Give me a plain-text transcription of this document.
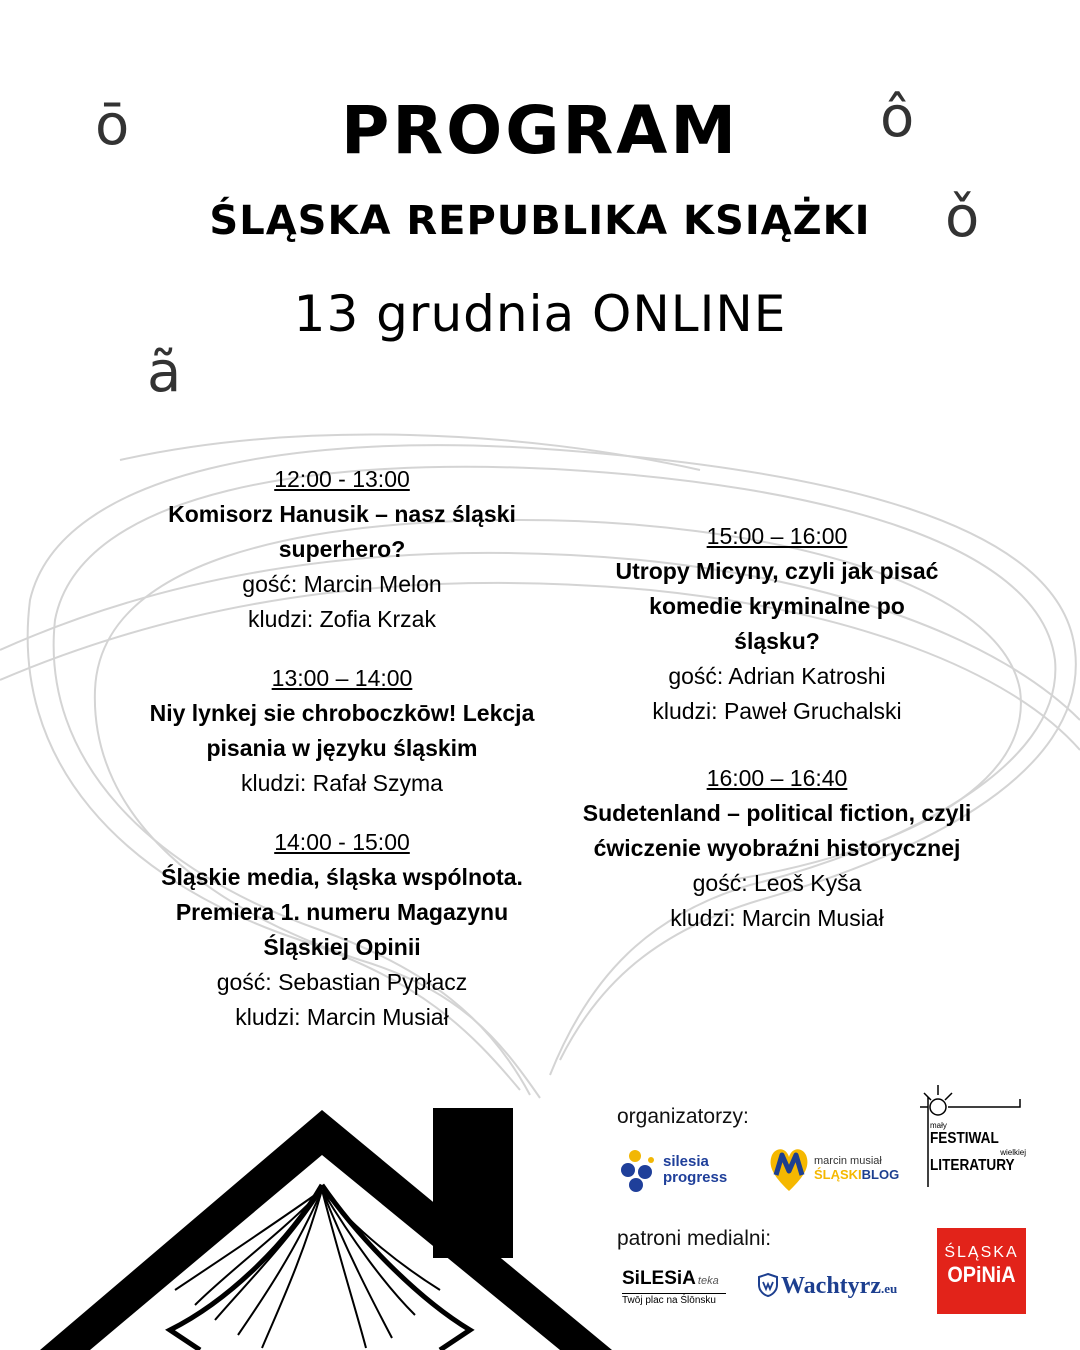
ō	ô
ǒ
ã
PROGRAM
ŚLĄSKA REPUBLIKA KSIĄŻKI
13 grudnia ONLINE
12:00 - 13:00
Komisorz Hanusik – nasz śląski superhero?
gość: Marcin Melon
kludzi: Zofia Krzak
13:00 – 14:00
Niy lynkej sie chroboczkōw! Lekcja pisania w języku śląskim
kludzi: Rafał Szyma
14:00 - 15:00
Śląskie media, śląska wspólnota. Premiera 1. numeru Magazynu Śląskiej Opinii
gość: Sebastian Pypłacz
kludzi: Marcin Musiał
15:00 – 16:00
Utropy Micyny, czyli jak pisać komedie kryminalne po śląsku?
gość: Adrian Katroshi
kludzi: Paweł Gruchalski
16:00 – 16:40
Sudetenland – political fiction, czyli ćwiczenie wyobraźni historycznej
gość: Leoš Kyša
kludzi: Marcin Musiał
organizatorzy:
silesia
progress
marcin musiał
ŚLĄSKIBLOG
mały
FESTIWAL
wielkiej
LITERATURY
patroni medialni:
SiLESiA teka
Twōj plac na Ślōnsku
Wachtyrz.eu
ŚLĄSKA
OPiNiA
